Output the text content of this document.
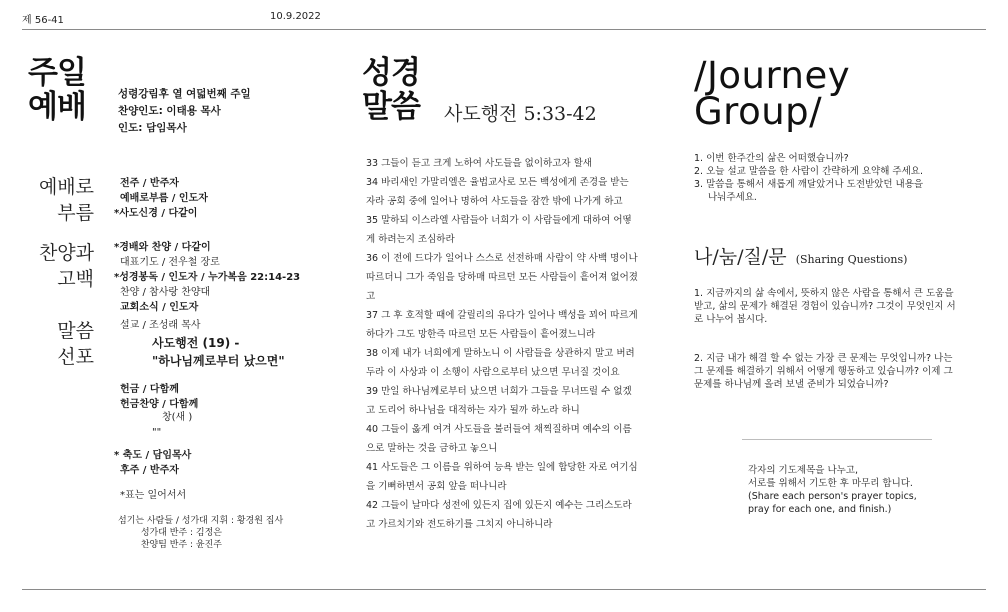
제 56-41	10.9.2022
주일
예배	성령강림후 열 여덟번째 주일
찬양인도: 이태용 목사
인도: 담임목사
예배로
부름
전주 / 반주자
예배로부름 / 인도자
*사도신경 / 다같이
찬양과
고백
*경배와 찬양 / 다같이
대표기도 / 전우철 장로
*성경봉독 / 인도자 / 누가복음 22:14-23
찬양 / 참사랑 찬양대
교회소식 / 인도자
말씀
선포
설교 / 조성래 목사
사도행전 (19) -
"하나님께로부터 났으면"
헌금 / 다함께
헌금찬양 / 다함께
창(새 )
""
* 축도 / 담임목사
후주 / 반주자
*표는 일어서서
섬기는 사람들 / 성가대 지휘 : 황경원 집사
성가대 반주 : 김정은
찬양팀 반주 : 윤진주
성경
말씀 사도행전 5:33-42

33 그들이 듣고 크게 노하여 사도들을 없이하고자 할새

34 바리새인 가말리엘은 율법교사로 모든 백성에게 존경을 받는 자라 공회 중에 일어나 명하여 사도들을 잠깐 밖에 나가게 하고

35 말하되 이스라엘 사람들아 너희가 이 사람들에게 대하여 어떻게 하려는지 조심하라

36 이 전에 드다가 일어나 스스로 선전하매 사람이 약 사백 명이나 따르더니 그가 죽임을 당하매 따르던 모든 사람들이 흩어져 없어졌고

37 그 후 호적할 때에 갈릴리의 유다가 일어나 백성을 꾀어 따르게 하다가 그도 망한즉 따르던 모든 사람들이 흩어졌느니라

38 이제 내가 너희에게 말하노니 이 사람들을 상관하지 말고 버려 두라 이 사상과 이 소행이 사람으로부터 났으면 무너질 것이요

39 만일 하나님께로부터 났으면 너희가 그들을 무너뜨릴 수 없겠고 도리어 하나님을 대적하는 자가 될까 하노라 하니

40 그들이 옳게 여겨 사도들을 불러들여 채찍질하며 예수의 이름으로 말하는 것을 금하고 놓으니

41 사도들은 그 이름을 위하여 능욕 받는 일에 합당한 자로 여기심을 기뻐하면서 공회 앞을 떠나니라

42 그들이 날마다 성전에 있든지 집에 있든지 예수는 그리스도라고 가르치기와 전도하기를 그치지 아니하니라

/Journey
Group/
1. 이번 한주간의 삶은 어떠했습니까?
2. 오늘 설교 말씀을 한 사람이 간략하게 요약해 주세요.
3. 말씀을 통해서 새롭게 깨달았거나 도전받았던 내용을
나눠주세요.
나/눔/질/문 (Sharing Questions)
1. 지금까지의 삶 속에서, 뜻하지 않은 사람을 통해서 큰 도움을 받고, 삶의 문제가 해결된 경험이 있습니까? 그것이 무엇인지 서로 나누어 봅시다.
2. 지금 내가 해결 할 수 없는 가장 큰 문제는 무엇입니까? 나는 그 문제를 해결하기 위해서 어떻게 행동하고 있습니까? 이제 그 문제를 하나님께 올려 보낼 준비가 되었습니까?
각자의 기도제목을 나누고,
서로를 위해서 기도한 후 마무리 합니다.
(Share each person's prayer topics,
pray for each one, and finish.)
